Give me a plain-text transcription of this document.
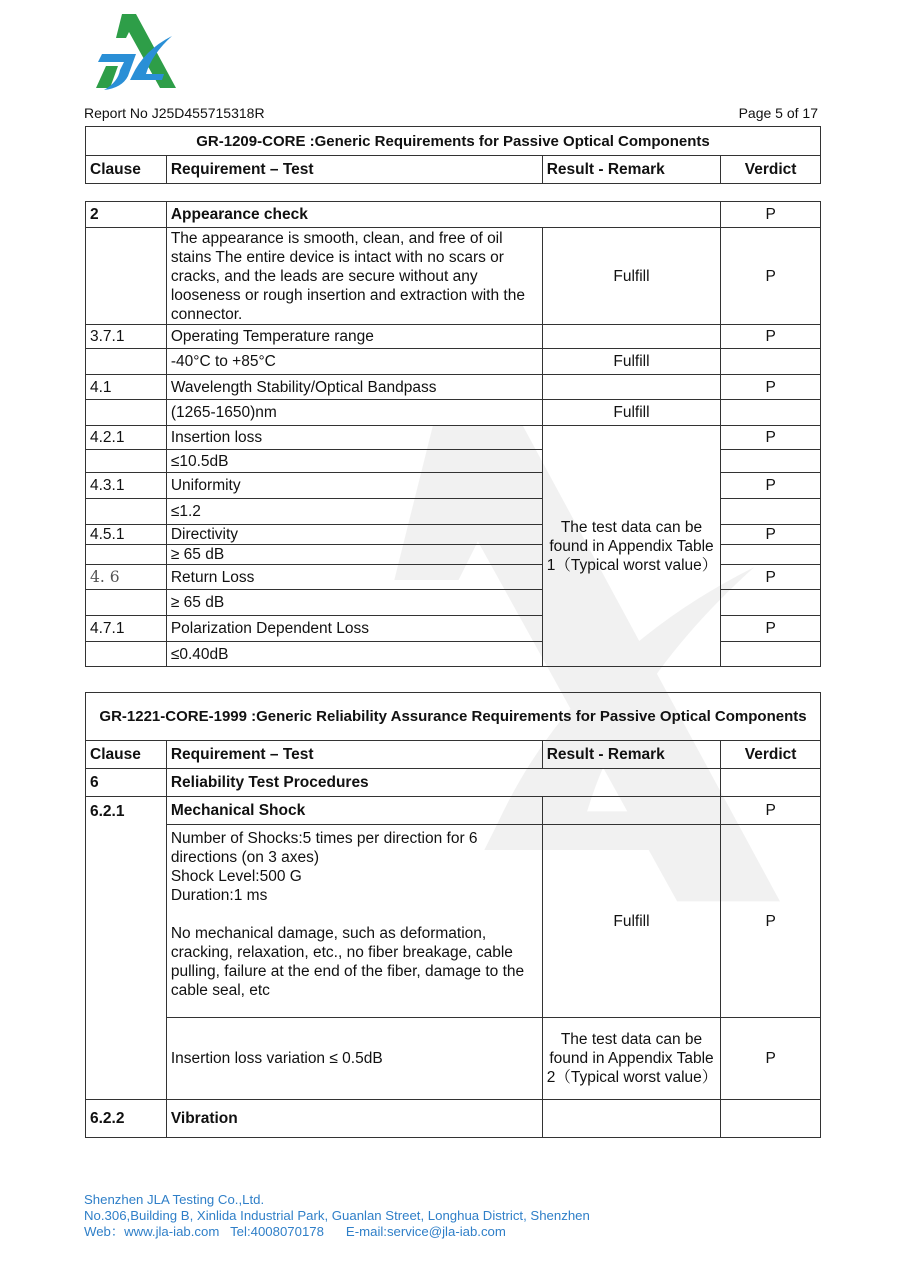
Report No J25D455715318R	Page 5 of 17
GR-1209-CORE :Generic Requirements for Passive Optical Components
Clause	Requirement – Test	Result - Remark	Verdict
2	Appearance check		P
	The appearance is smooth, clean, and free of oil stains The entire device is intact with no scars or cracks, and the leads are secure without any looseness or rough insertion and extraction with the connector.	Fulfill	P
3.7.1	Operating Temperature range		P
	-40°C to +85°C	Fulfill	
4.1	Wavelength Stability/Optical Bandpass		P
	(1265-1650)nm	Fulfill	
4.2.1	Insertion loss	The test data can be found in Appendix Table 1（Typical worst value）	P
	≤10.5dB		
4.3.1	Uniformity		P
	≤1.2		
4.5.1	Directivity		P
	≥ 65 dB		
4. 6	Return Loss		P
	≥ 65 dB		
4.7.1	Polarization Dependent Loss		P
	≤0.40dB		
GR-1221-CORE-1999 :Generic Reliability Assurance Requirements for Passive Optical Components			
Clause	Requirement – Test	Result - Remark	Verdict
6	Reliability Test Procedures		
6.2.1	Mechanical Shock		P

	Number of Shocks:5 times per direction for 6 directions (on 3 axes)
Shock Level:500 G
Duration:1 ms
No mechanical damage, such as deformation, cracking, relaxation, etc., no fiber breakage, cable pulling, failure at the end of the fiber, damage to the cable seal, etc	Fulfill	P
	Insertion loss variation ≤ 0.5dB	The test data can be found in Appendix Table 2（Typical worst value）	P
6.2.2	Vibration		
Shenzhen JLA Testing Co.,Ltd.
No.306,Building B, Xinlida Industrial Park, Guanlan Street, Longhua District, Shenzhen
Web：www.jla-iab.com   Tel:4008070178      E-mail:service@jla-iab.com
